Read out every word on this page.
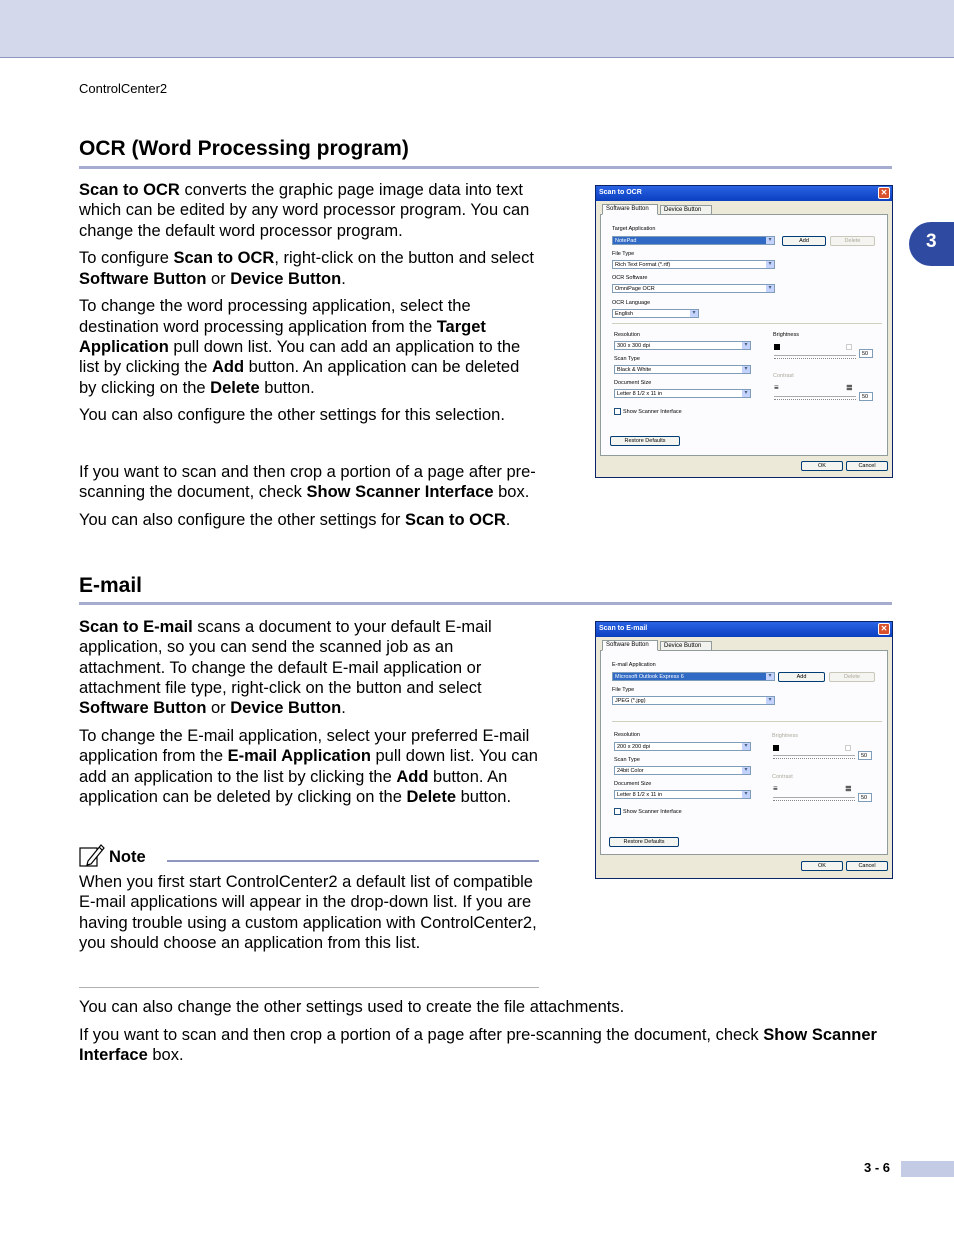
ControlCenter2
3
OCR (Word Processing program)

Scan to OCR converts the graphic page image data into text which can be edited by any word processor program. You can change the default word processor program.

To configure Scan to OCR, right-click on the button and select Software Button or Device Button.

To change the word processing application, select the destination word processing application from the Target Application pull down list. You can add an application to the list by clicking the Add button. An application can be deleted by clicking on the Delete button.

You can also configure the other settings for this selection.

If you want to scan and then crop a portion of a page after pre-scanning the document, check Show Scanner Interface box.

You can also configure the other settings for Scan to OCR.

Scan to OCR	✕
Software Button	Device Button
Target Application
NotePad ▾	Add	Delete
File Type
Rich Text Format (*.rtf) ▾
OCR Software
OmniPage OCR ▾
OCR Language
English ▾
Resolution
300 x 300 dpi ▾
Scan Type
Black & White ▾
Document Size
Letter 8 1/2 x 11 in ▾
Show Scanner Interface
Brightness
50
Contrast
≡	≣
50
Restore Defaults
OK	Cancel
E-mail

Scan to E-mail scans a document to your default E-mail application, so you can send the scanned job as an attachment. To change the default E-mail application or attachment file type, right-click on the button and select Software Button or Device Button.

To change the E-mail application, select your preferred E-mail application from the E-mail Application pull down list. You can add an application to the list by clicking the Add button. An application can be deleted by clicking on the Delete button.

Note
When you first start ControlCenter2 a default list of compatible E-mail applications will appear in the drop-down list. If you are having trouble using a custom application with ControlCenter2, you should choose an application from this list.

You can also change the other settings used to create the file attachments.

If you want to scan and then crop a portion of a page after pre-scanning the document, check Show Scanner Interface box.

Scan to E-mail	✕
Software Button	Device Button
E-mail Application
Microsoft Outlook Express 6 ▾	Add	Delete
File Type
JPEG (*.jpg) ▾
Resolution
200 x 200 dpi ▾
Scan Type
24bit Color ▾
Document Size
Letter 8 1/2 x 11 in ▾
Show Scanner Interface
Brightness
50
Contrast
≡	≣
50
Restore Defaults
OK	Cancel
3 - 6
